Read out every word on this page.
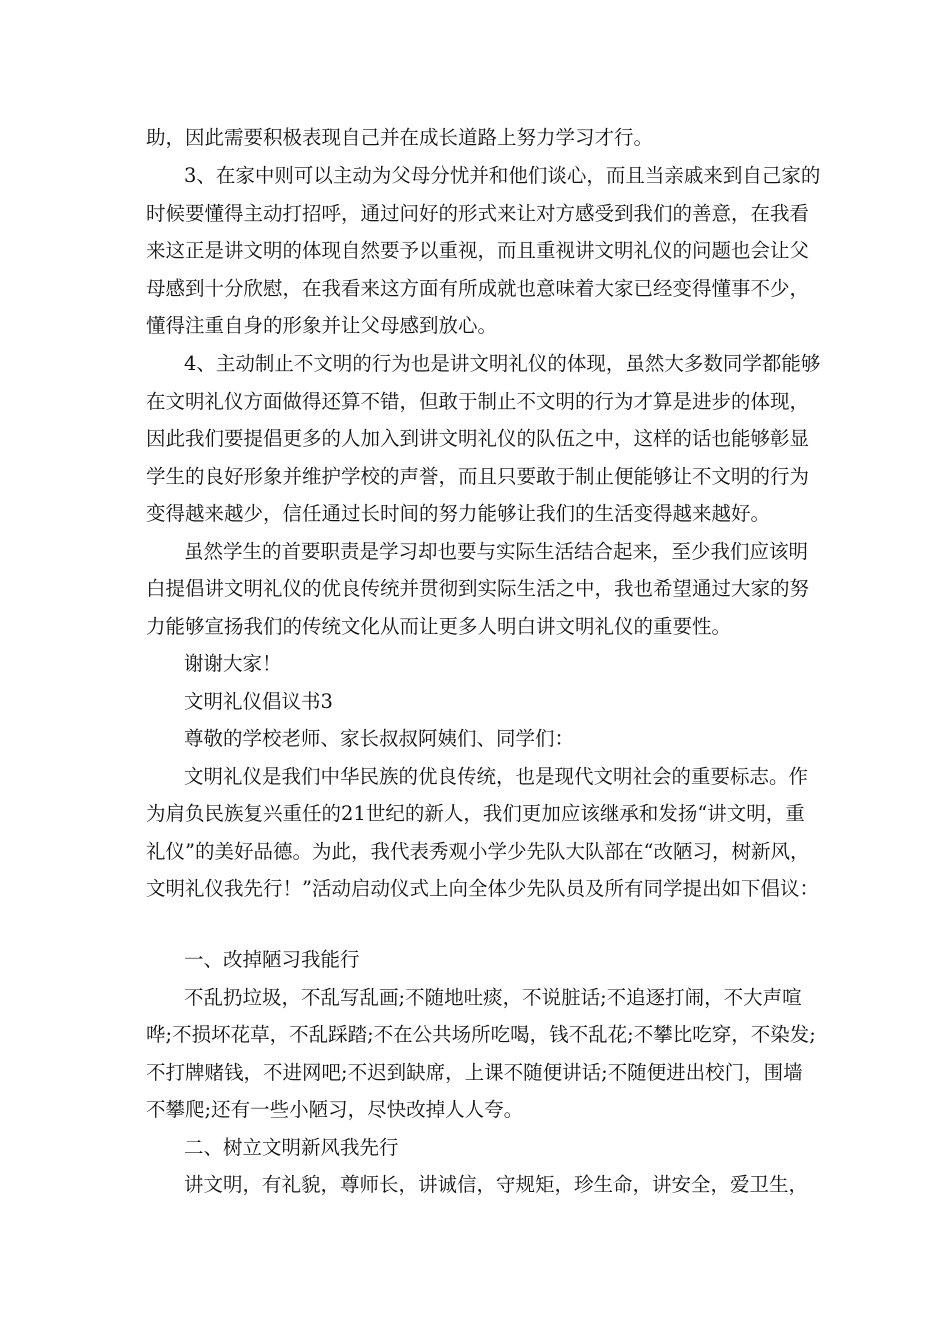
助，因此需要积极表现自己并在成长道路上努力学习才行。
3、在家中则可以主动为父母分忧并和他们谈心，而且当亲戚来到自己家的
时候要懂得主动打招呼，通过问好的形式来让对方感受到我们的善意，在我看
来这正是讲文明的体现自然要予以重视，而且重视讲文明礼仪的问题也会让父
母感到十分欣慰，在我看来这方面有所成就也意味着大家已经变得懂事不少，
懂得注重自身的形象并让父母感到放心。
4、主动制止不文明的行为也是讲文明礼仪的体现，虽然大多数同学都能够
在文明礼仪方面做得还算不错，但敢于制止不文明的行为才算是进步的体现，
因此我们要提倡更多的人加入到讲文明礼仪的队伍之中，这样的话也能够彰显
学生的良好形象并维护学校的声誉，而且只要敢于制止便能够让不文明的行为
变得越来越少，信任通过长时间的努力能够让我们的生活变得越来越好。
虽然学生的首要职责是学习却也要与实际生活结合起来，至少我们应该明
白提倡讲文明礼仪的优良传统并贯彻到实际生活之中，我也希望通过大家的努
力能够宣扬我们的传统文化从而让更多人明白讲文明礼仪的重要性。
谢谢大家！
文明礼仪倡议书3
尊敬的学校老师、家长叔叔阿姨们、同学们：
文明礼仪是我们中华民族的优良传统，也是现代文明社会的重要标志。作
为肩负民族复兴重任的21世纪的新人，我们更加应该继承和发扬“讲文明，重
礼仪”的美好品德。为此，我代表秀观小学少先队大队部在“改陋习，树新风，
文明礼仪我先行！”活动启动仪式上向全体少先队员及所有同学提出如下倡议：
一、改掉陋习我能行
不乱扔垃圾，不乱写乱画;不随地吐痰，不说脏话;不追逐打闹，不大声喧
哗;不损坏花草，不乱踩踏;不在公共场所吃喝，钱不乱花;不攀比吃穿，不染发;
不打牌赌钱，不进网吧;不迟到缺席，上课不随便讲话;不随便进出校门，围墙
不攀爬;还有一些小陋习，尽快改掉人人夸。
二、树立文明新风我先行
讲文明，有礼貌，尊师长，讲诚信，守规矩，珍生命，讲安全，爱卫生，
